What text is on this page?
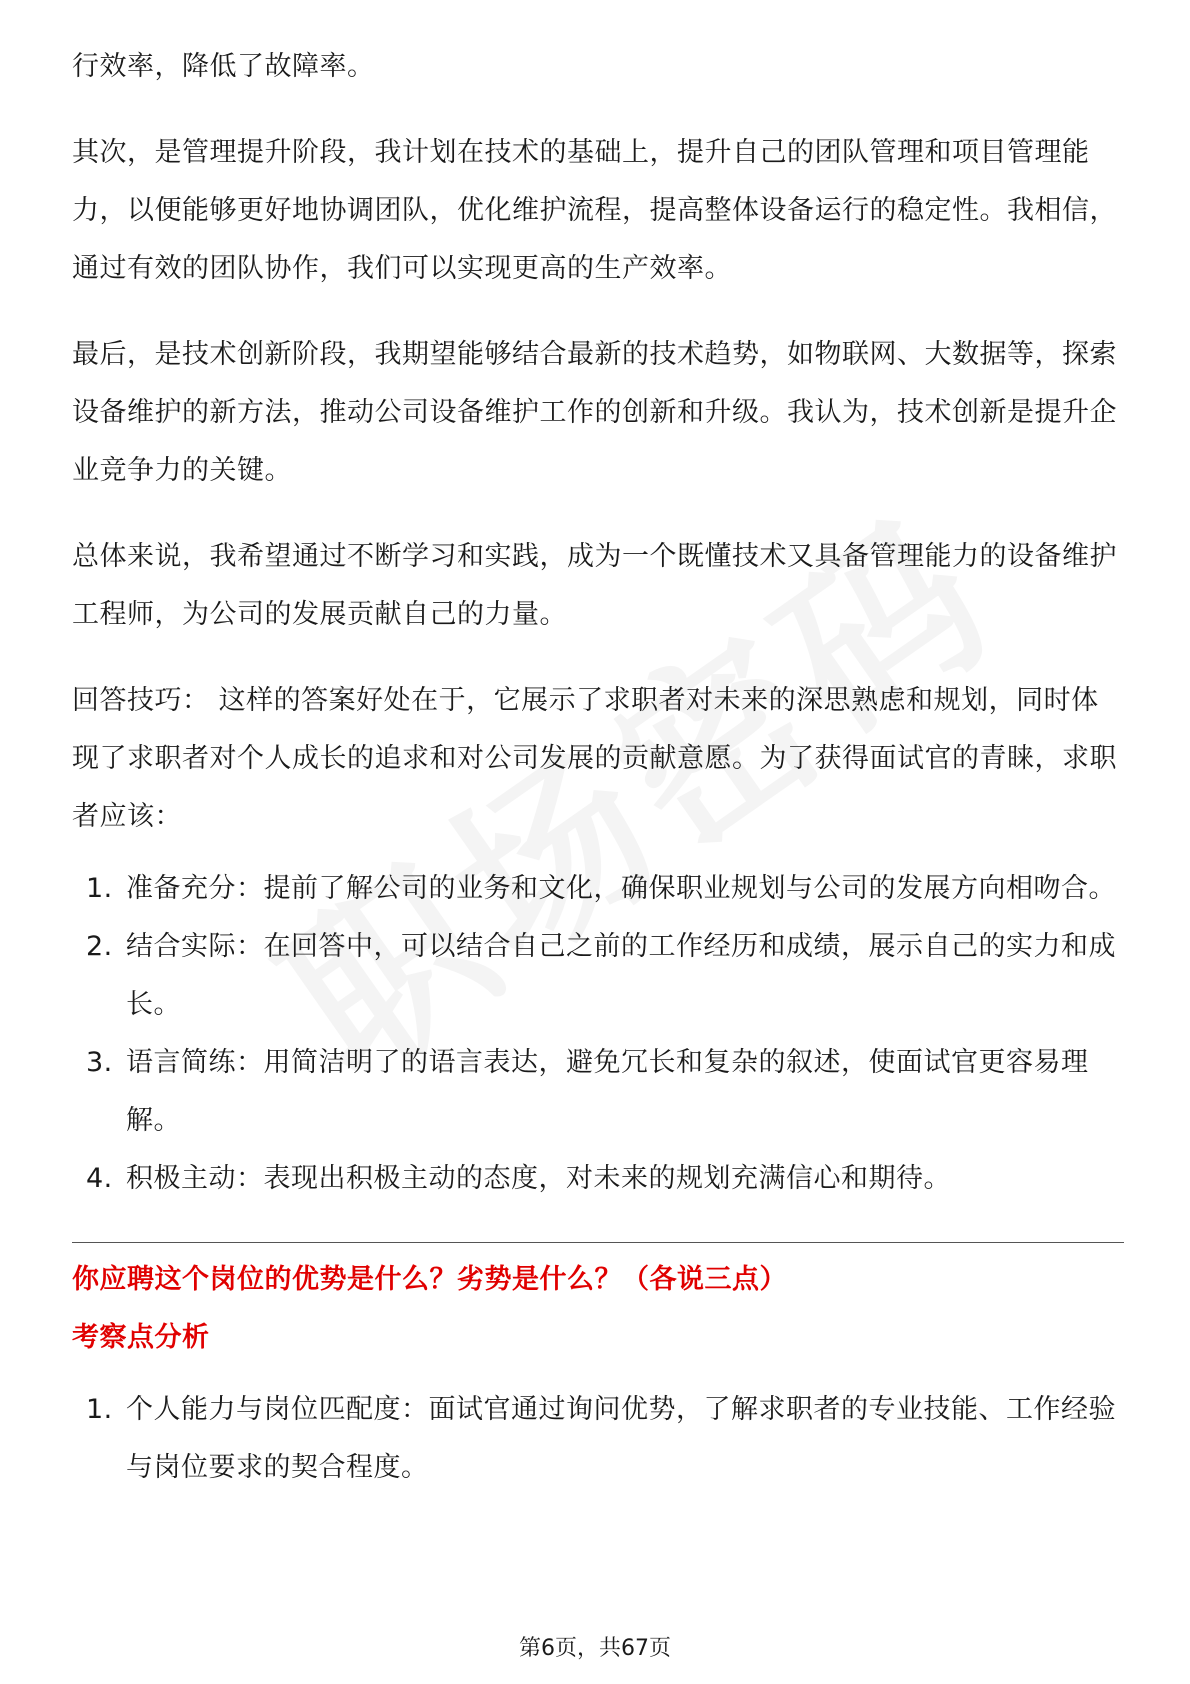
行效率，降低了故障率。

其次，是管理提升阶段，我计划在技术的基础上，提升自己的团队管理和项目管理能力，以便能够更好地协调团队，优化维护流程，提高整体设备运行的稳定性。我相信，通过有效的团队协作，我们可以实现更高的生产效率。

最后，是技术创新阶段，我期望能够结合最新的技术趋势，如物联网、大数据等，探索设备维护的新方法，推动公司设备维护工作的创新和升级。我认为，技术创新是提升企业竞争力的关键。

总体来说，我希望通过不断学习和实践，成为一个既懂技术又具备管理能力的设备维护工程师，为公司的发展贡献自己的力量。

回答技巧： 这样的答案好处在于，它展示了求职者对未来的深思熟虑和规划，同时体现了求职者对个人成长的追求和对公司发展的贡献意愿。为了获得面试官的青睐，求职者应该：

1. 准备充分：提前了解公司的业务和文化，确保职业规划与公司的发展方向相吻合。
2. 结合实际：在回答中，可以结合自己之前的工作经历和成绩，展示自己的实力和成长。
3. 语言简练：用简洁明了的语言表达，避免冗长和复杂的叙述，使面试官更容易理解。
4. 积极主动：表现出积极主动的态度，对未来的规划充满信心和期待。

你应聘这个岗位的优势是什么？劣势是什么？（各说三点）

考察点分析

1. 个人能力与岗位匹配度：面试官通过询问优势，了解求职者的专业技能、工作经验与岗位要求的契合程度。
第6页，共67页
